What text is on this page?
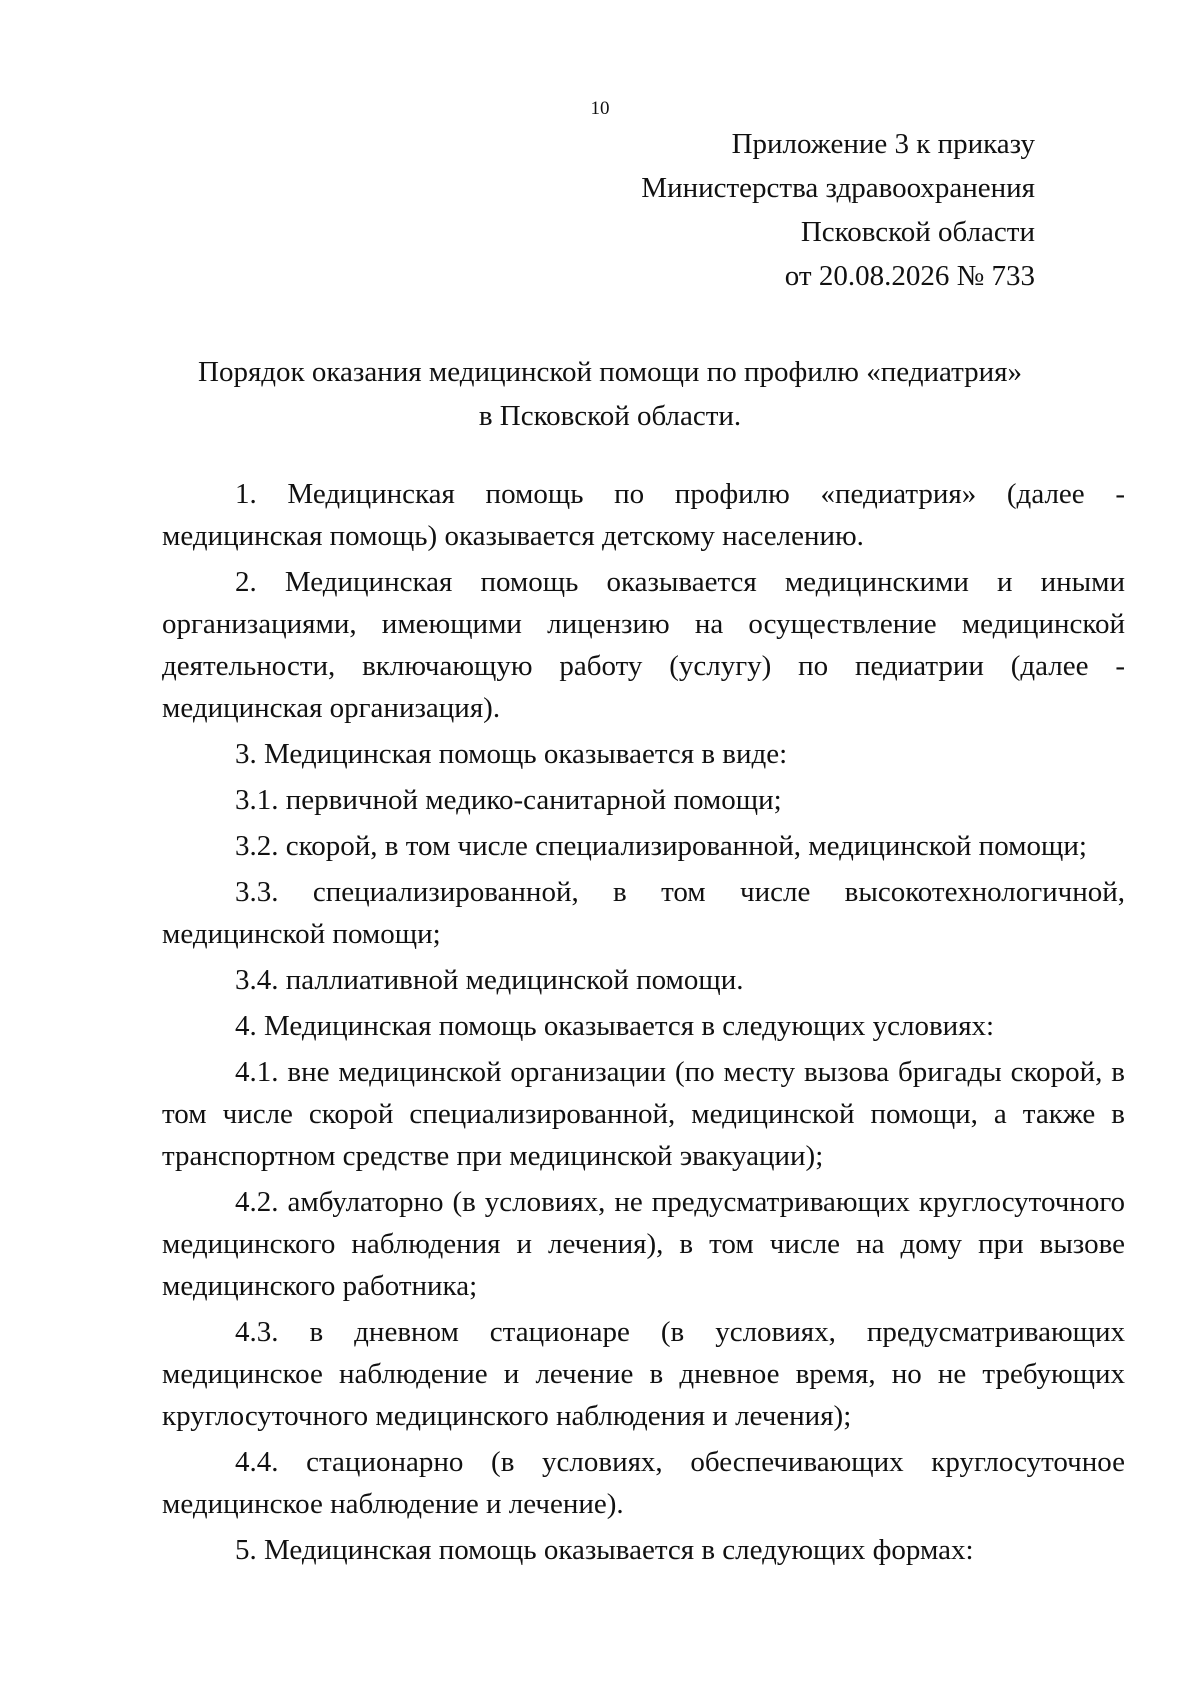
10
Приложение 3 к приказу
Министерства здравоохранения
Псковской области
от 20.08.2026 № 733
Порядок оказания медицинской помощи по профилю «педиатрия»
в Псковской области.

1. Медицинская помощь по профилю «педиатрия» (далее - медицинская помощь) оказывается детскому населению.

2. Медицинская помощь оказывается медицинскими и иными организациями, имеющими лицензию на осуществление медицинской деятельности, включающую работу (услугу) по педиатрии (далее - медицинская организация).

3. Медицинская помощь оказывается в виде:

3.1. первичной медико-санитарной помощи;

3.2. скорой, в том числе специализированной, медицинской помощи;

3.3. специализированной, в том числе высокотехнологичной, медицинской помощи;

3.4. паллиативной медицинской помощи.

4. Медицинская помощь оказывается в следующих условиях:

4.1. вне медицинской организации (по месту вызова бригады скорой, в том числе скорой специализированной, медицинской помощи, а также в транспортном средстве при медицинской эвакуации);

4.2. амбулаторно (в условиях, не предусматривающих круглосуточного медицинского наблюдения и лечения), в том числе на дому при вызове медицинского работника;

4.3. в дневном стационаре (в условиях, предусматривающих медицинское наблюдение и лечение в дневное время, но не требующих круглосуточного медицинского наблюдения и лечения);

4.4. стационарно (в условиях, обеспечивающих круглосуточное медицинское наблюдение и лечение).

5. Медицинская помощь оказывается в следующих формах:
